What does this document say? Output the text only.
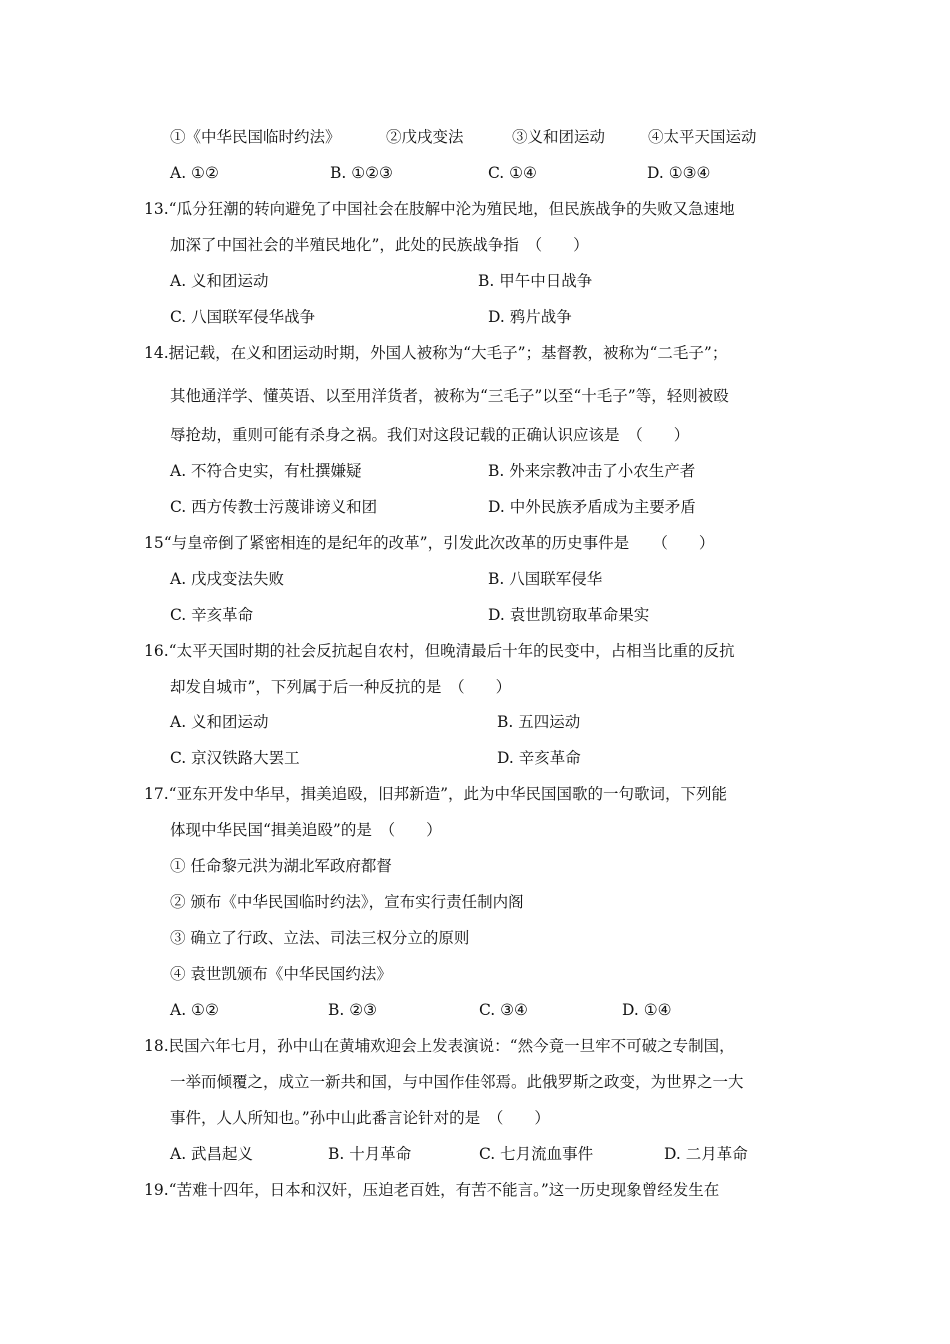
①《中华民国临时约法》	②戊戌变法	③义和团运动	④太平天国运动
A. ①②	B. ①②③	C. ①④	D. ①③④
13.“瓜分狂潮的转向避免了中国社会在肢解中沦为殖民地，但民族战争的失败又急速地
加深了中国社会的半殖民地化”，此处的民族战争指　（　　）
A. 义和团运动	B. 甲午中日战争
C. 八国联军侵华战争	D. 鸦片战争
14.据记载，在义和团运动时期，外国人被称为“大毛子”；基督教，被称为“二毛子”；
其他通洋学、懂英语、以至用洋货者，被称为“三毛子”以至“十毛子”等，轻则被殴
辱抢劫，重则可能有杀身之祸。我们对这段记载的正确认识应该是　（　　）
A. 不符合史实，有杜撰嫌疑	B. 外来宗教冲击了小农生产者
C. 西方传教士污蔑诽谤义和团	D. 中外民族矛盾成为主要矛盾
15“与皇帝倒了紧密相连的是纪年的改革”，引发此次改革的历史事件是　　（　　）
A. 戊戌变法失败	B. 八国联军侵华
C. 辛亥革命	D. 袁世凯窃取革命果实
16.“太平天国时期的社会反抗起自农村，但晚清最后十年的民变中，占相当比重的反抗
却发自城市”，下列属于后一种反抗的是　（　　）
A. 义和团运动	B. 五四运动
C. 京汉铁路大罢工	D. 辛亥革命
17.“亚东开发中华早，揖美追殴，旧邦新造”，此为中华民国国歌的一句歌词，下列能
体现中华民国“揖美追殴”的是　（　　）
① 任命黎元洪为湖北军政府都督
② 颁布《中华民国临时约法》，宣布实行责任制内阁
③ 确立了行政、立法、司法三权分立的原则
④ 袁世凯颁布《中华民国约法》
A. ①②	B. ②③	C. ③④	D. ①④
18.民国六年七月，孙中山在黄埔欢迎会上发表演说：“然今竟一旦牢不可破之专制国，
一举而倾覆之，成立一新共和国，与中国作佳邻焉。此俄罗斯之政变，为世界之一大
事件，人人所知也。”孙中山此番言论针对的是　（　　）
A. 武昌起义	B. 十月革命	C. 七月流血事件	D. 二月革命
19.“苦难十四年，日本和汉奸，压迫老百姓，有苦不能言。”这一历史现象曾经发生在
